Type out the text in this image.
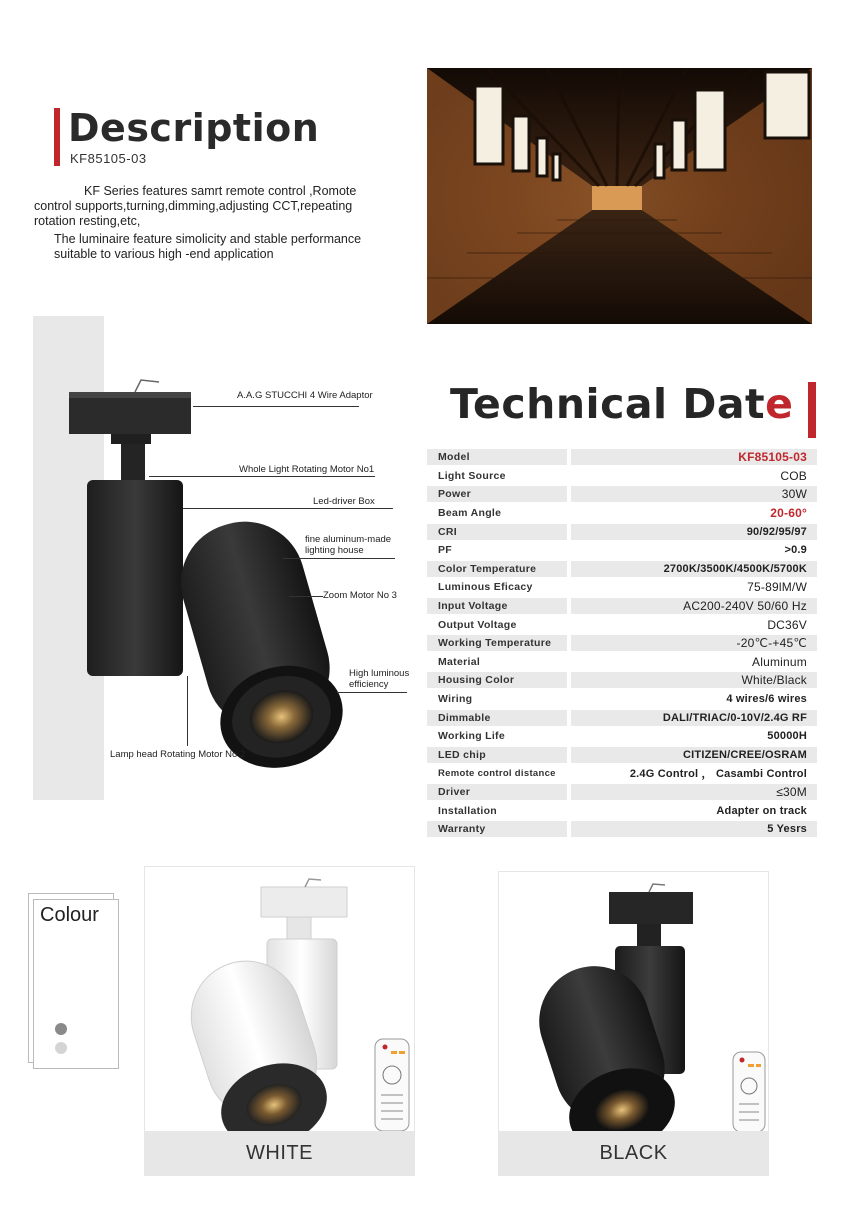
Description
KF85105-03
KF Series features samrt remote control ,Romote control supports,turning,dimming,adjusting CCT,repeating rotation resting,etc,
The luminaire feature simolicity and stable performance suitable to various high -end application
A.A.G STUCCHI 4 Wire Adaptor
Whole Light Rotating Motor No1
Led-driver Box
fine aluminum-made lighting house
Zoom Motor No 3
High luminous efficiency
Lamp head Rotating Motor No 2
Technical Date
Model	KF85105-03
Light Source	COB
Power	30W
Beam Angle	20-60°
CRI	90/92/95/97
PF	>0.9
Color Temperature	2700K/3500K/4500K/5700K
Luminous Eficacy	75-89lM/W
Input Voltage	AC200-240V 50/60 Hz
Output Voltage	DC36V
Working Temperature	-20℃-+45℃
Material	Aluminum
Housing Color	White/Black
Wiring	4 wires/6 wires
Dimmable	DALI/TRIAC/0-10V/2.4G RF
Working Life	50000H
LED chip	CITIZEN/CREE/OSRAM
Remote control distance	2.4G Control ， Casambi Control
Driver	≤30M
Installation	Adapter on track
Warranty	5 Yesrs
Colour
WHITE	BLACK
